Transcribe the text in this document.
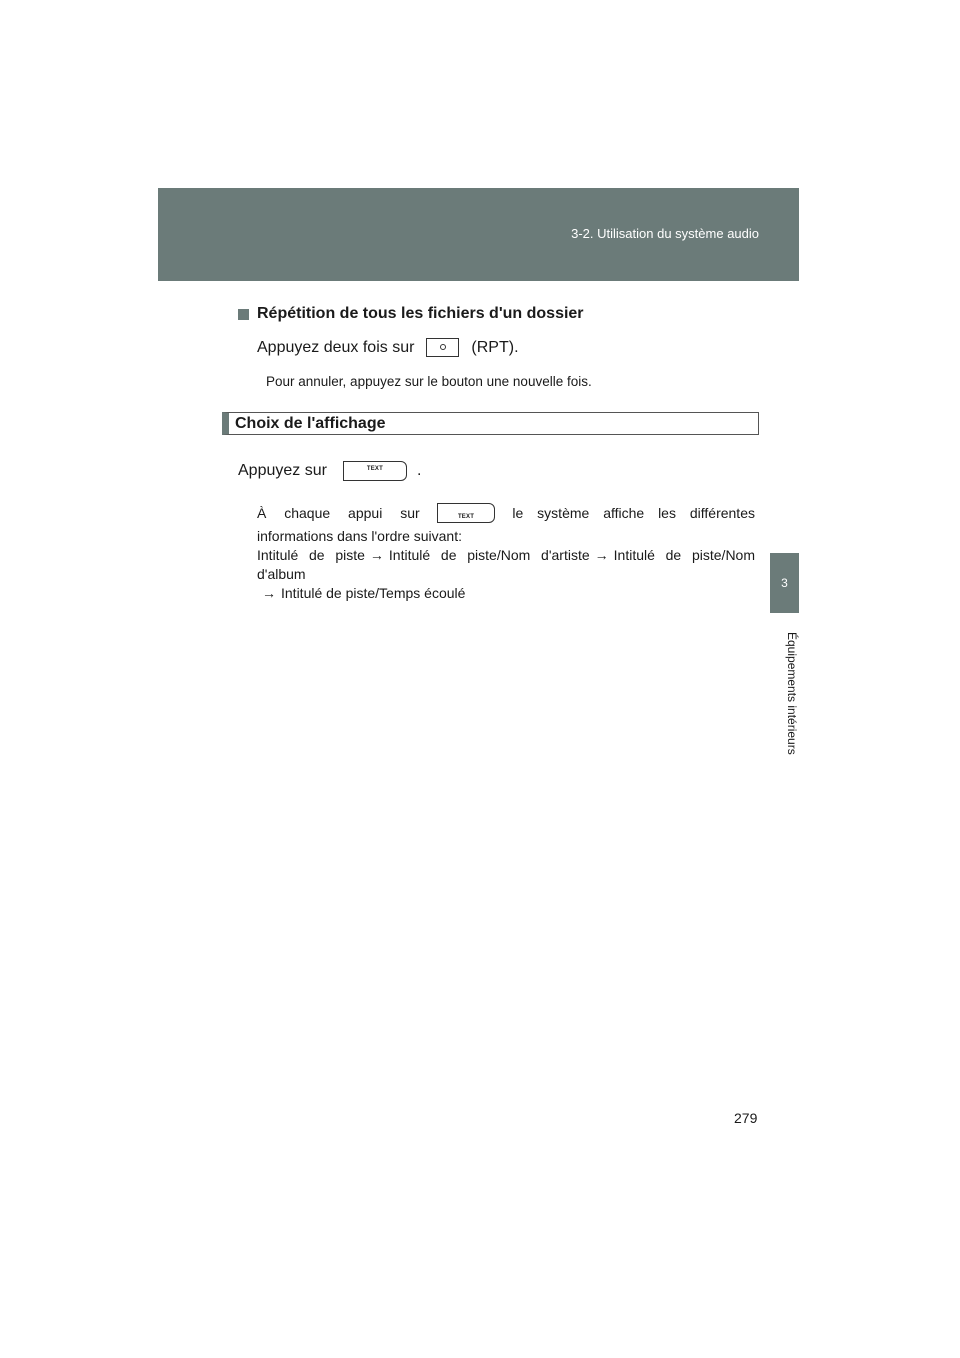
3-2. Utilisation du système audio
3
Équipements intérieurs
Répétition de tous les fichiers d'un dossier
Appuyez deux fois sur	(RPT).
Pour annuler, appuyez sur le bouton une nouvelle fois.
Choix de l'affichage
Appuyez sur	TEXT	.
À chaque appui sur	TEXT	le système affiche les différentes
informations dans l'ordre suivant:
Intitulé de piste → Intitulé de piste/Nom d'artiste → Intitulé de piste/Nom d'album
→ Intitulé de piste/Temps écoulé
279
